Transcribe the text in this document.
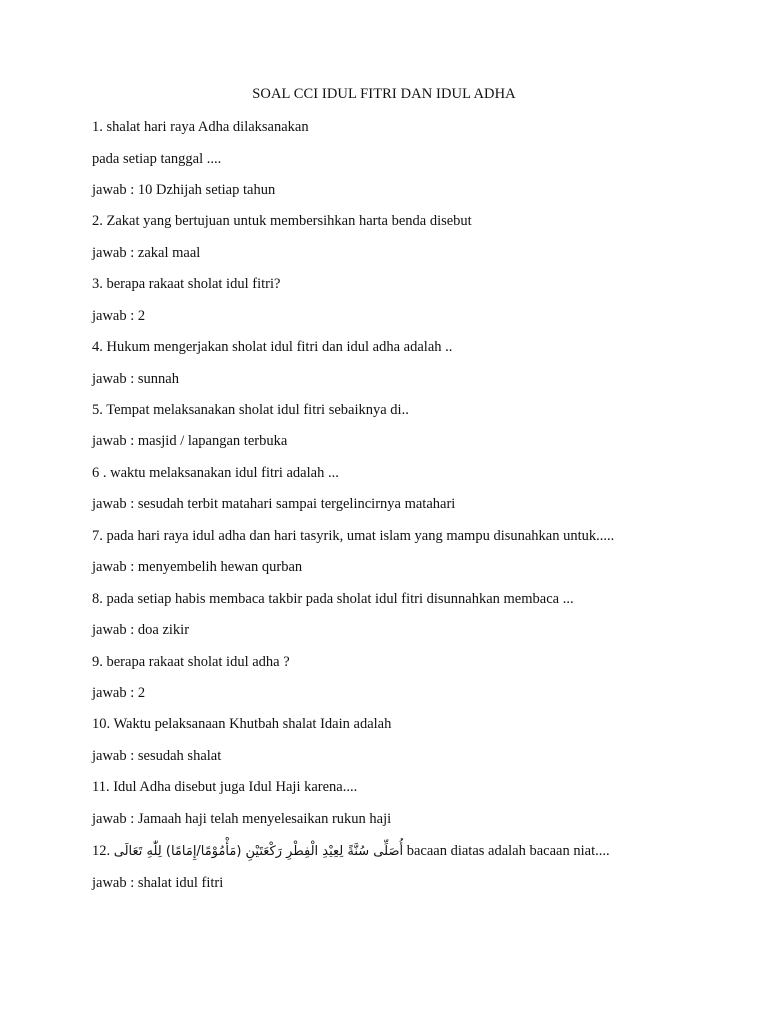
SOAL CCI IDUL FITRI DAN IDUL ADHA
1. shalat hari raya Adha dilaksanakan
pada setiap tanggal ....
jawab : 10 Dzhijah setiap tahun
2. Zakat yang bertujuan untuk membersihkan harta benda disebut
jawab : zakal maal
3. berapa rakaat sholat idul fitri?
jawab : 2
4. Hukum mengerjakan sholat idul fitri dan idul adha adalah ..
jawab : sunnah
5. Tempat melaksanakan sholat idul fitri sebaiknya di..
jawab : masjid / lapangan terbuka
6 . waktu melaksanakan idul fitri adalah ...
jawab : sesudah terbit matahari sampai tergelincirnya matahari
7. pada hari raya idul adha dan hari tasyrik, umat islam yang mampu disunahkan untuk.....
jawab : menyembelih hewan qurban
8. pada setiap habis membaca takbir pada sholat idul fitri disunnahkan membaca ...
jawab : doa zikir
9. berapa rakaat sholat idul adha ?
jawab : 2
10. Waktu pelaksanaan Khutbah shalat Idain adalah
jawab : sesudah shalat
11. Idul Adha disebut juga Idul Haji karena....
jawab : Jamaah haji telah menyelesaikan rukun haji
12. أُصَلِّى سُنَّةً لِعِيْدِ الْفِطْرِ رَكْعَتَيْنِ (مَأْمُوْمًا/إِمَامًا) لِلّٰهِ تَعَالَى bacaan diatas adalah bacaan niat....
jawab : shalat idul fitri
